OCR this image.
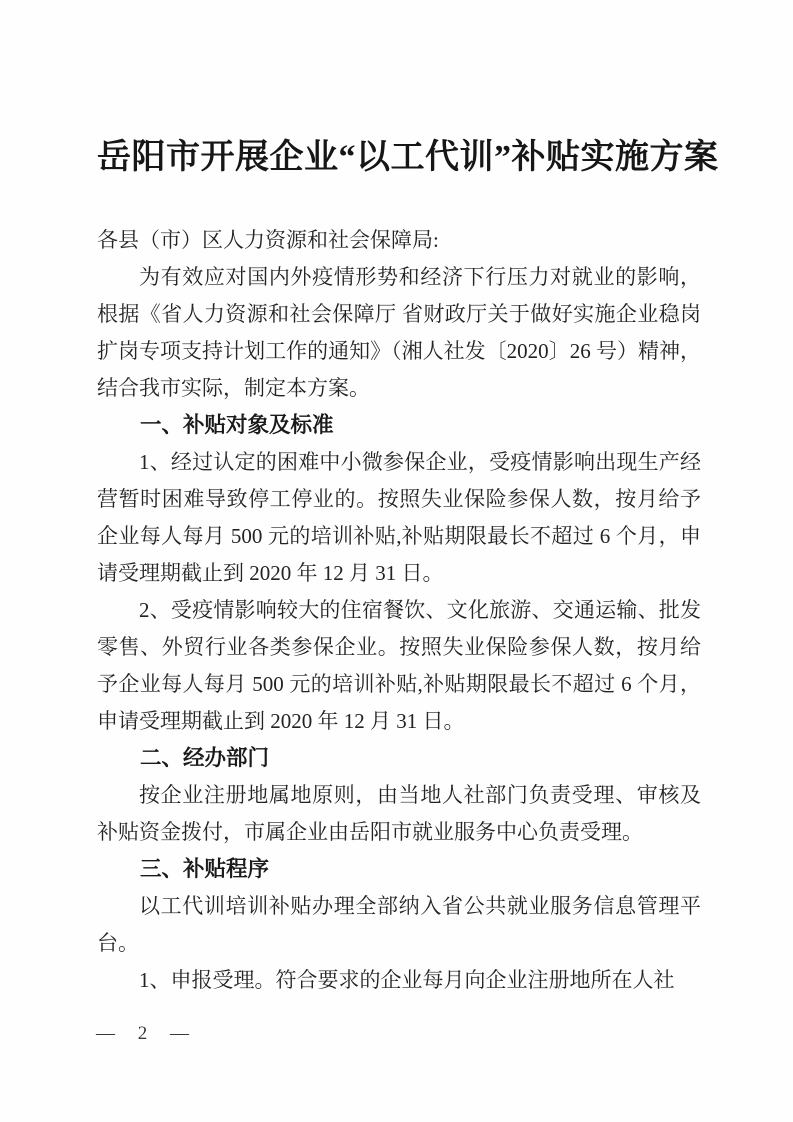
岳阳市开展企业“以工代训”补贴实施方案

各县（市）区人力资源和社会保障局:

为有效应对国内外疫情形势和经济下行压力对就业的影响，根据《省人力资源和社会保障厅 省财政厅关于做好实施企业稳岗扩岗专项支持计划工作的通知》（湘人社发〔2020〕26 号）精神，结合我市实际，制定本方案。

一、补贴对象及标准

1、经过认定的困难中小微参保企业，受疫情影响出现生产经营暂时困难导致停工停业的。按照失业保险参保人数，按月给予企业每人每月 500 元的培训补贴,补贴期限最长不超过 6 个月，申请受理期截止到 2020 年 12 月 31 日。

2、受疫情影响较大的住宿餐饮、文化旅游、交通运输、批发零售、外贸行业各类参保企业。按照失业保险参保人数，按月给予企业每人每月 500 元的培训补贴,补贴期限最长不超过 6 个月，申请受理期截止到 2020 年 12 月 31 日。

二、经办部门

按企业注册地属地原则，由当地人社部门负责受理、审核及补贴资金拨付，市属企业由岳阳市就业服务中心负责受理。

三、补贴程序

以工代训培训补贴办理全部纳入省公共就业服务信息管理平台。

1、申报受理。符合要求的企业每月向企业注册地所在人社

— 2 —
